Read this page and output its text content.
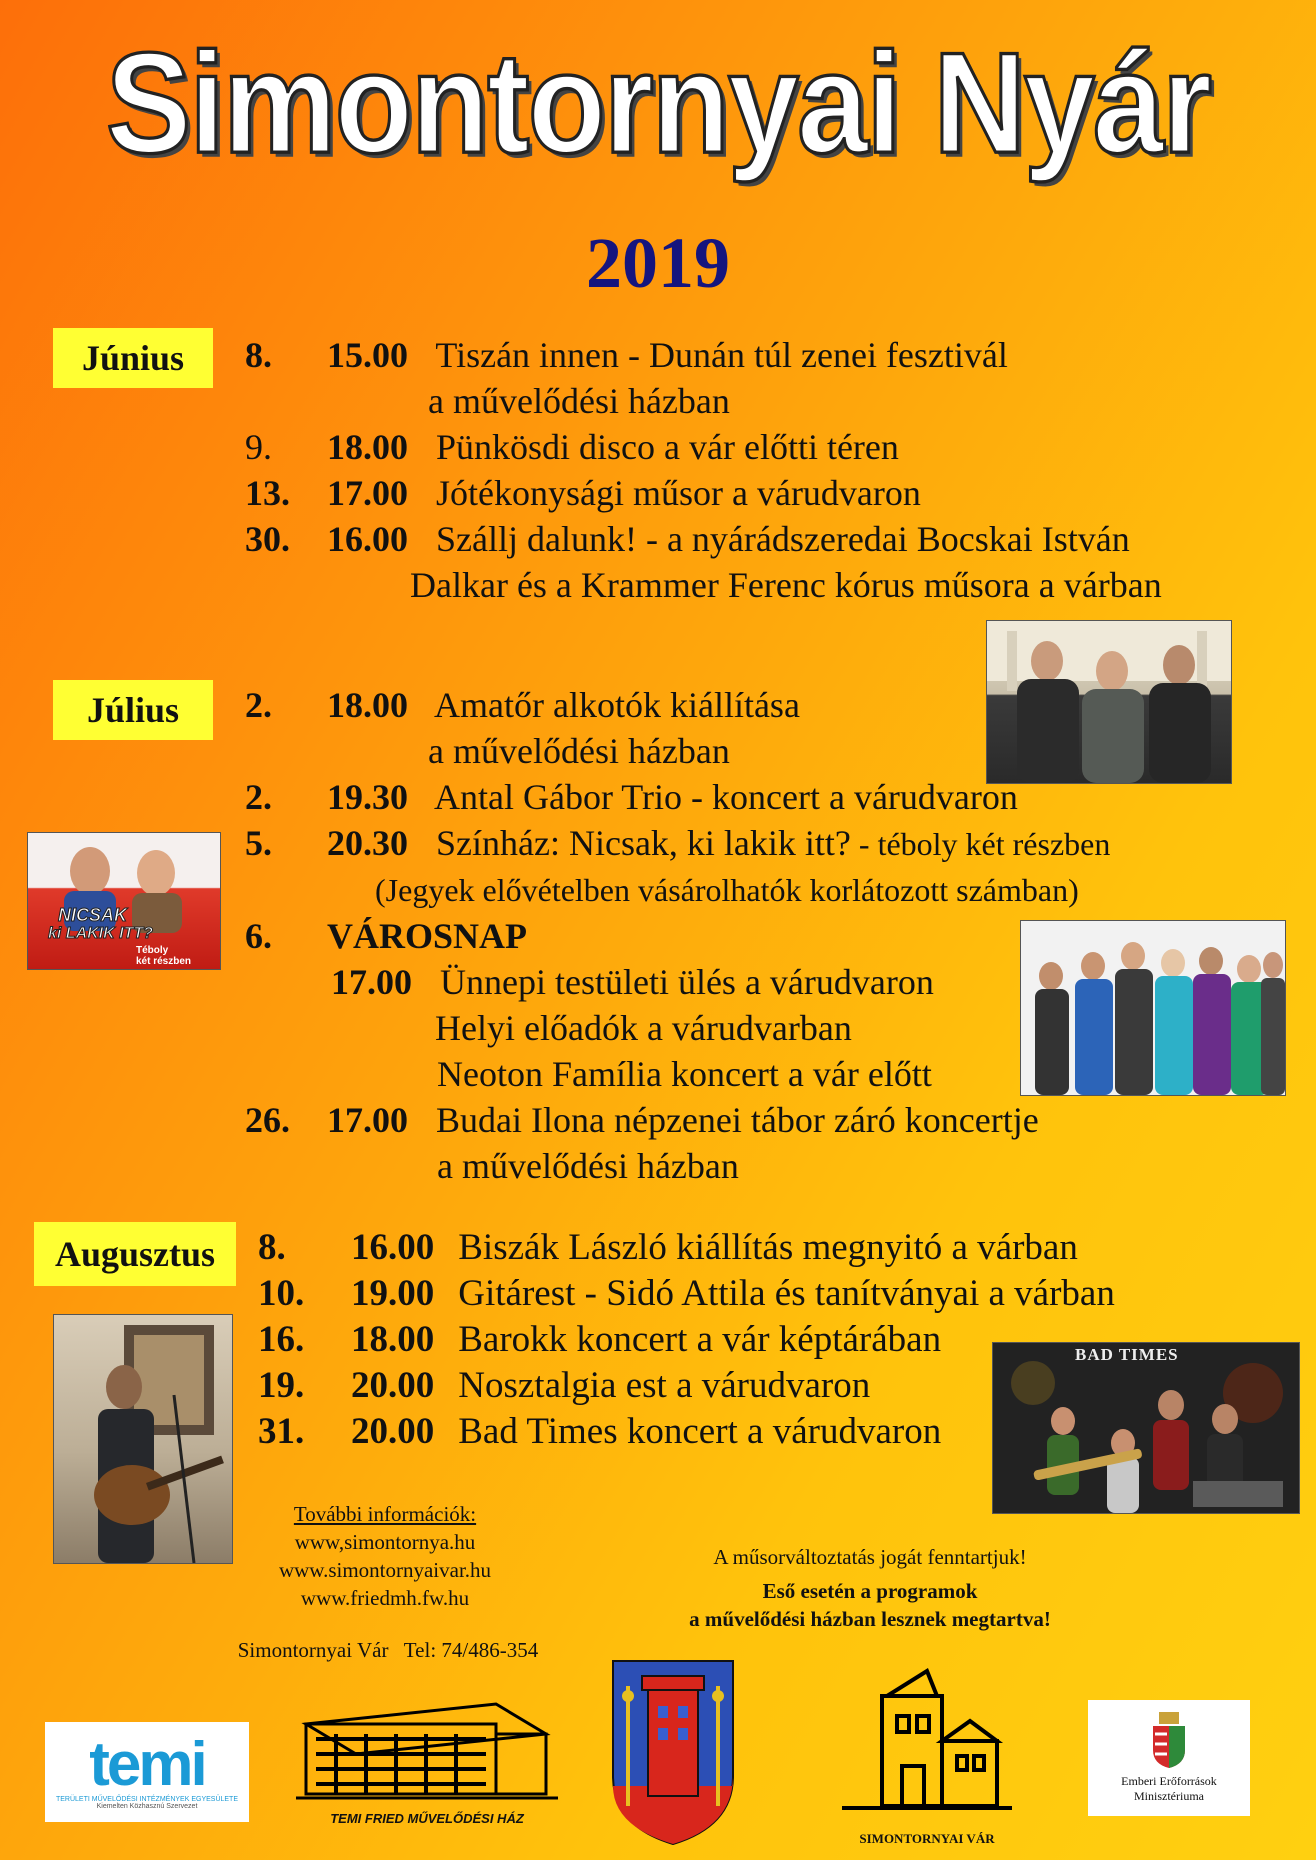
Simontornyai Nyár
2019
Június	8. 15.00 Tiszán innen - Dunán túl zenei fesztivál
a művelődési házban
9. 18.00 Pünkösdi disco a vár előtti téren
13. 17.00 Jótékonysági műsor a várudvaron
30. 16.00 Szállj dalunk! - a nyárádszeredai Bocskai István
Dalkar és a Krammer Ferenc kórus műsora a várban
Július	2. 18.00 Amatőr alkotók kiállítása
a művelődési házban
2. 19.30 Antal Gábor Trio - koncert a várudvaron
5. 20.30 Színház: Nicsak, ki lakik itt? - téboly két részben
(Jegyek elővételben vásárolhatók korlátozott számban)
6. VÁROSNAP
17.00 Ünnepi testületi ülés a várudvaron
Helyi előadók a várudvarban
Neoton Família koncert a vár előtt
26. 17.00 Budai Ilona népzenei tábor záró koncertje
a művelődési házban
NICSAK
ki LAKIK ITT?
Téboly
két részben
Augusztus	8. 16.00 Biszák László kiállítás megnyitó a várban
10. 19.00 Gitárest - Sidó Attila és tanítványai a várban
16. 18.00 Barokk koncert a vár képtárában
19. 20.00 Nosztalgia est a várudvaron
31. 20.00 Bad Times koncert a várudvaron
BAD TIMES
További információk:
www,simontornya.hu
www.simontornyaivar.hu
www.friedmh.fw.hu
Simontornyai Vár   Tel: 74/486-354
A műsorváltoztatás jogát fenntartjuk!
Eső esetén a programok
a művelődési házban lesznek megtartva!
temi
TERÜLETI MŰVELŐDÉSI INTÉZMÉNYEK EGYESÜLETE
Kiemelten Közhasznú Szervezet
TEMI FRIED MŰVELŐDÉSI HÁZ
SIMONTORNYAI VÁR
Emberi Erőforrások
Minisztériuma
